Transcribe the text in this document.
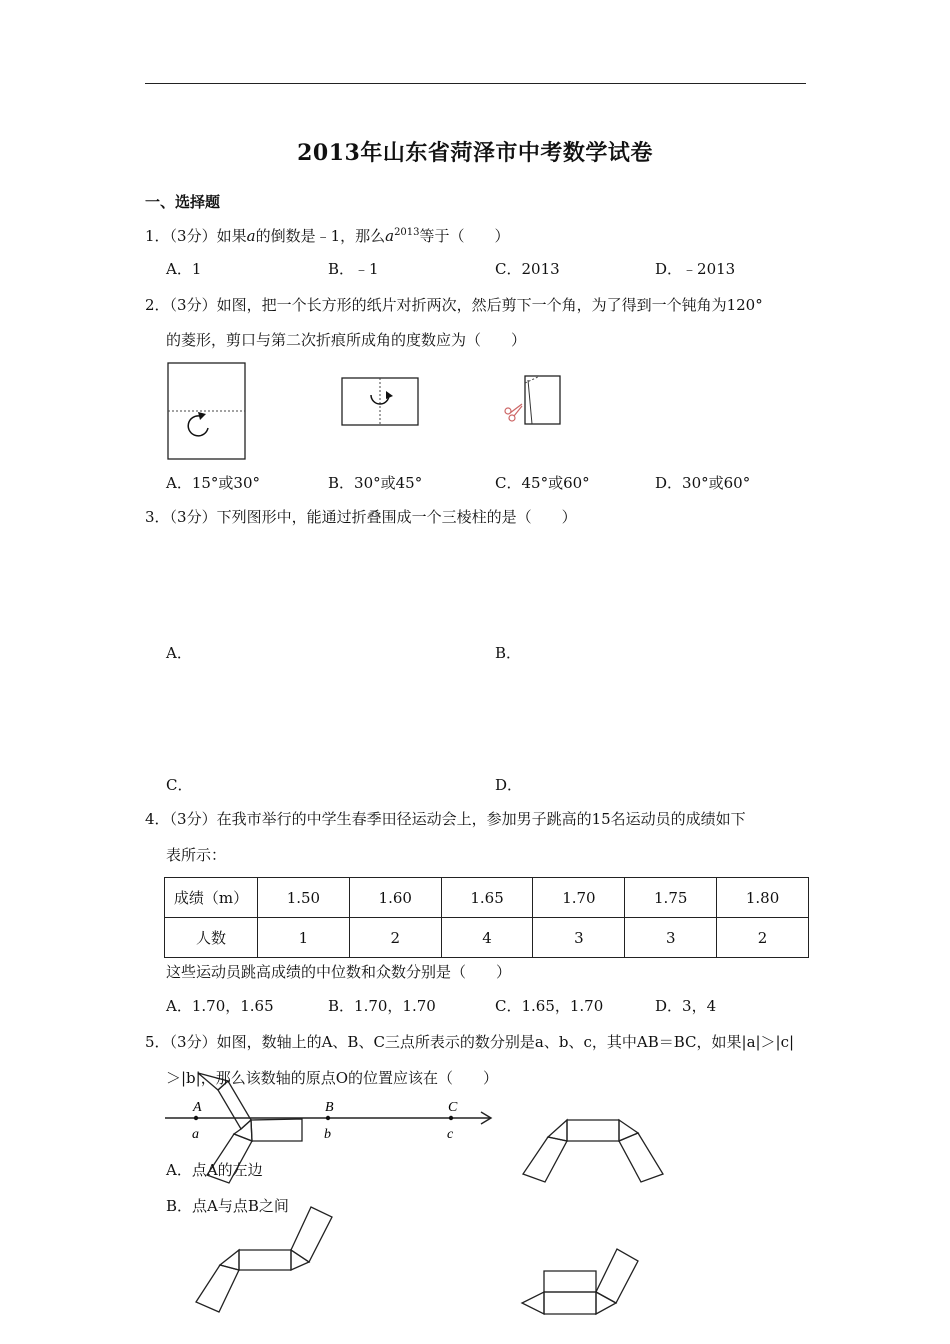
2013年山东省菏泽市中考数学试卷
一、选择题
1．（3分）如果a的倒数是﹣1，那么$a^{2013}$等于（　　）
A．1	B．﹣1	C．2013	D．﹣2013
2．（3分）如图，把一个长方形的纸片对折两次，然后剪下一个角，为了得到一个钝角为120°
的菱形，剪口与第二次折痕所成角的度数应为（　　）
A．15°或30°	B．30°或45°	C．45°或60°	D．30°或60°
3．（3分）下列图形中，能通过折叠围成一个三棱柱的是（　　）
A．	B．
C．	D．
4．（3分）在我市举行的中学生春季田径运动会上，参加男子跳高的15名运动员的成绩如下
表所示：
成绩（m）	1.50	1.60	1.65	1.70	1.75	1.80
人数	1	2	4	3	3	2
这些运动员跳高成绩的中位数和众数分别是（　　）
A．1.70，1.65	B．1.70，1.70	C．1.65，1.70	D．3，4
5．（3分）如图，数轴上的A、B、C三点所表示的数分别是a、b、c，其中AB＝BC，如果|a|＞|c|
＞|b|，那么该数轴的原点O的位置应该在（　　）
A	B	C
a	b	c
A．点A的左边
B．点A与点B之间
